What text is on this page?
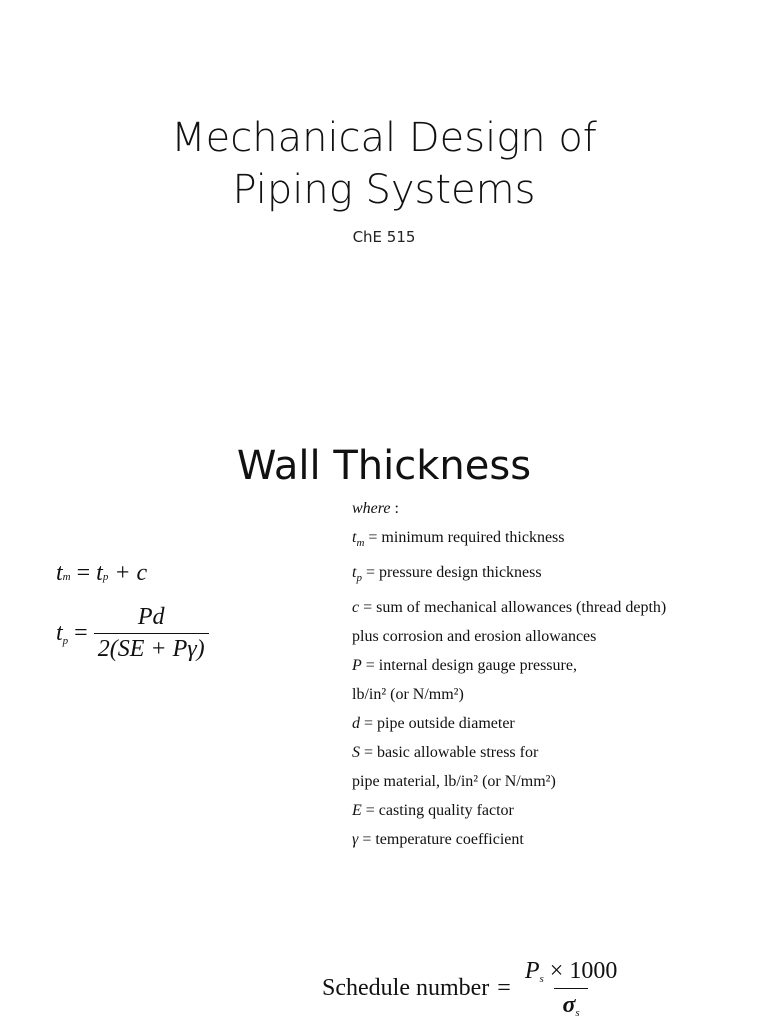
Mechanical Design of
Piping Systems
ChE 515
Wall Thickness
t m = t p + c
$t_p = \frac{Pd}{2(SE + P\gamma)}$
where :
$t_m$ = minimum required thickness
$t_p$ = pressure design thickness
c = sum of mechanical allowances (thread depth)
plus corrosion and erosion allowances
P = internal design gauge pressure,
lb/in² (or N/mm²)
d = pipe outside diameter
S = basic allowable stress for
pipe material, lb/in² (or N/mm²)
E = casting quality factor
γ = temperature coefficient
Schedule number = $\frac{P_s \times 1000}{\sigma_s}$
